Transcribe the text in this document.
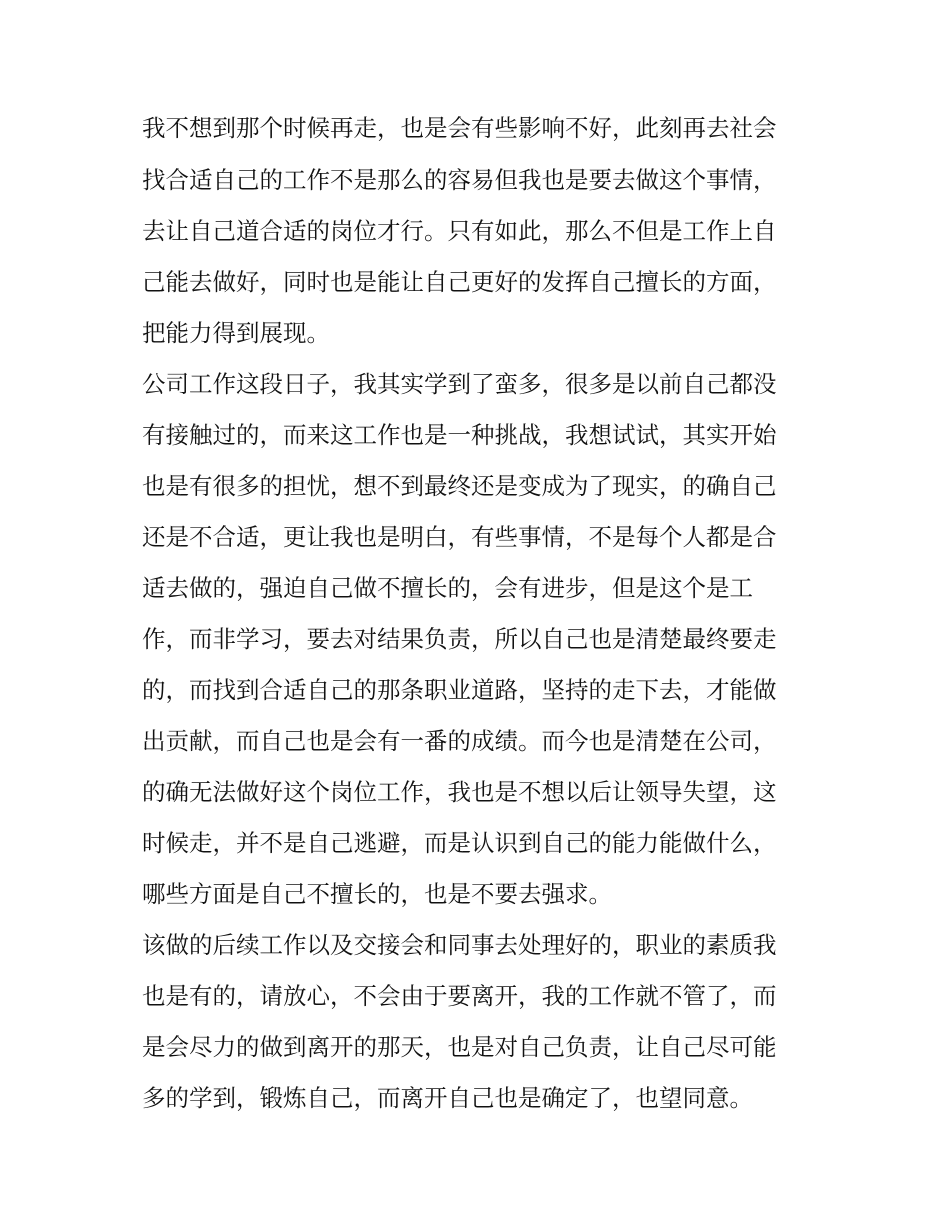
我不想到那个时候再走，也是会有些影响不好，此刻再去社会
找合适自己的工作不是那么的容易但我也是要去做这个事情，
去让自己道合适的岗位才行。只有如此，那么不但是工作上自
己能去做好，同时也是能让自己更好的发挥自己擅长的方面，
把能力得到展现。
公司工作这段日子，我其实学到了蛮多，很多是以前自己都没
有接触过的，而来这工作也是一种挑战，我想试试，其实开始
也是有很多的担忧，想不到最终还是变成为了现实，的确自己
还是不合适，更让我也是明白，有些事情，不是每个人都是合
适去做的，强迫自己做不擅长的，会有进步，但是这个是工
作，而非学习，要去对结果负责，所以自己也是清楚最终要走
的，而找到合适自己的那条职业道路，坚持的走下去，才能做
出贡献，而自己也是会有一番的成绩。而今也是清楚在公司，
的确无法做好这个岗位工作，我也是不想以后让领导失望，这
时候走，并不是自己逃避，而是认识到自己的能力能做什么，
哪些方面是自己不擅长的，也是不要去强求。
该做的后续工作以及交接会和同事去处理好的，职业的素质我
也是有的，请放心，不会由于要离开，我的工作就不管了，而
是会尽力的做到离开的那天，也是对自己负责，让自己尽可能
多的学到，锻炼自己，而离开自己也是确定了，也望同意。
